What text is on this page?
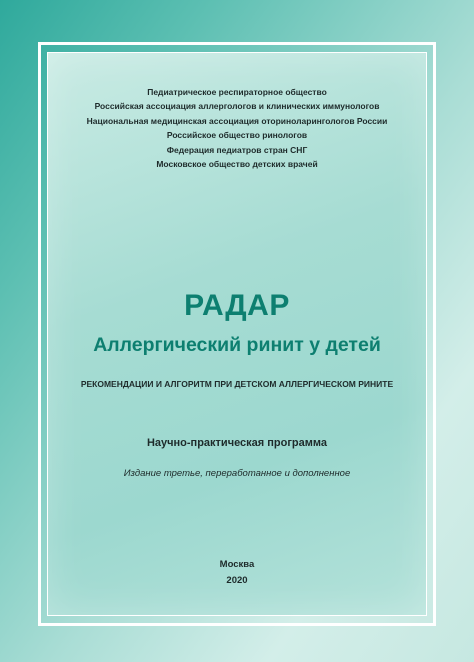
Педиатрическое респираторное общество
Российская ассоциация аллергологов и клинических иммунологов
Национальная медицинская ассоциация оториноларингологов России
Российское общество ринологов
Федерация педиатров стран СНГ
Московское общество детских врачей
РАДАР
Аллергический ринит у детей
РЕКОМЕНДАЦИИ И АЛГОРИТМ ПРИ ДЕТСКОМ АЛЛЕРГИЧЕСКОМ РИНИТЕ
Научно-практическая программа
Издание третье, переработанное и дополненное
Москва
2020
